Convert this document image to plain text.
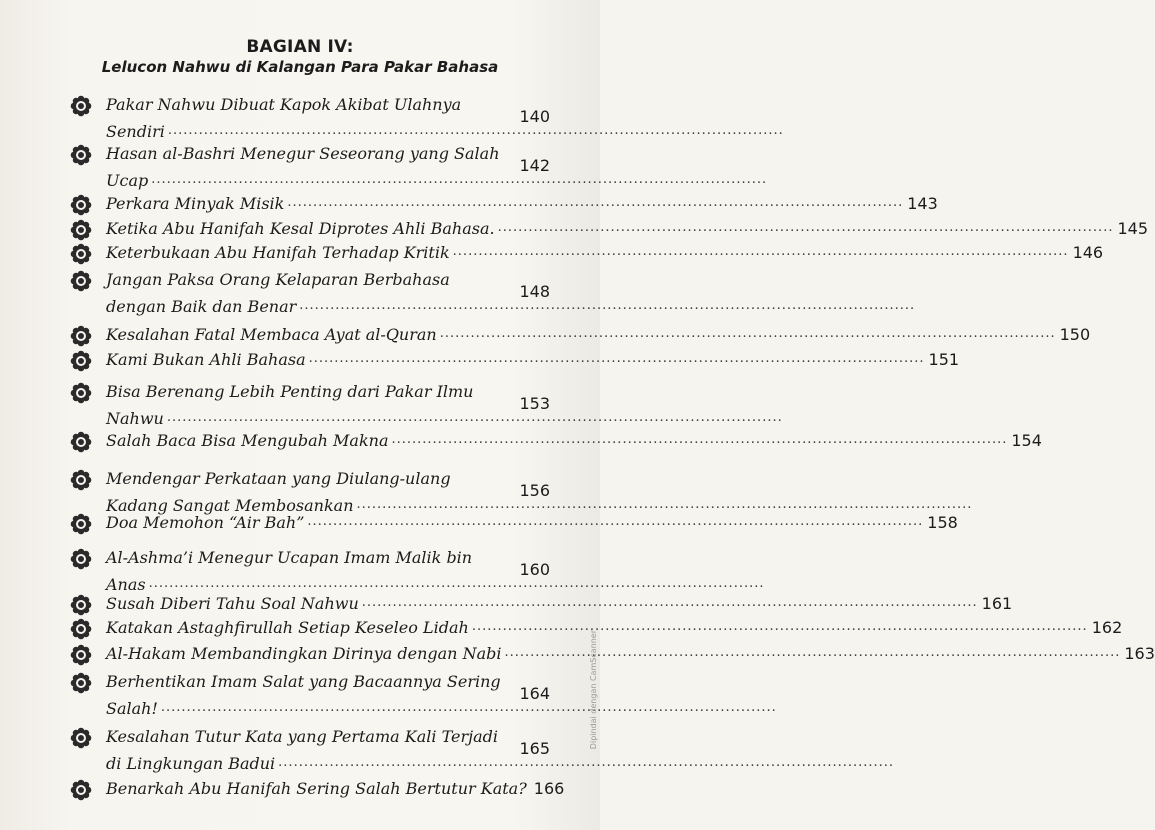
BAGIAN IV:
Lelucon Nahwu di Kalangan Para Pakar Bahasa
Pakar Nahwu Dibuat Kapok Akibat Ulahnya
Sendiri ........................................................................................................................
140
Hasan al-Bashri Menegur Seseorang yang Salah
Ucap ........................................................................................................................
142
Perkara Minyak Misik ........................................................................................................................ 143
Ketika Abu Hanifah Kesal Diprotes Ahli Bahasa. ........................................................................................................................ 145
Keterbukaan Abu Hanifah Terhadap Kritik ........................................................................................................................ 146
Jangan Paksa Orang Kelaparan Berbahasa
dengan Baik dan Benar ........................................................................................................................
148
Kesalahan Fatal Membaca Ayat al-Quran ........................................................................................................................ 150
Kami Bukan Ahli Bahasa ........................................................................................................................ 151
Bisa Berenang Lebih Penting dari Pakar Ilmu
Nahwu ........................................................................................................................
153
Salah Baca Bisa Mengubah Makna ........................................................................................................................ 154
Mendengar Perkataan yang Diulang-ulang
Kadang Sangat Membosankan ........................................................................................................................
156
Doa Memohon “Air Bah” ........................................................................................................................ 158
Al-Ashma’i Menegur Ucapan Imam Malik bin
Anas ........................................................................................................................
160
Susah Diberi Tahu Soal Nahwu ........................................................................................................................ 161
Katakan Astaghfirullah Setiap Keseleo Lidah ........................................................................................................................ 162
Al-Hakam Membandingkan Dirinya dengan Nabi ........................................................................................................................ 163
Berhentikan Imam Salat yang Bacaannya Sering
Salah! ........................................................................................................................
164
Kesalahan Tutur Kata yang Pertama Kali Terjadi
di Lingkungan Badui ........................................................................................................................
165
Benarkah Abu Hanifah Sering Salah Bertutur Kata? 166
Dipindai dengan CamScanner
